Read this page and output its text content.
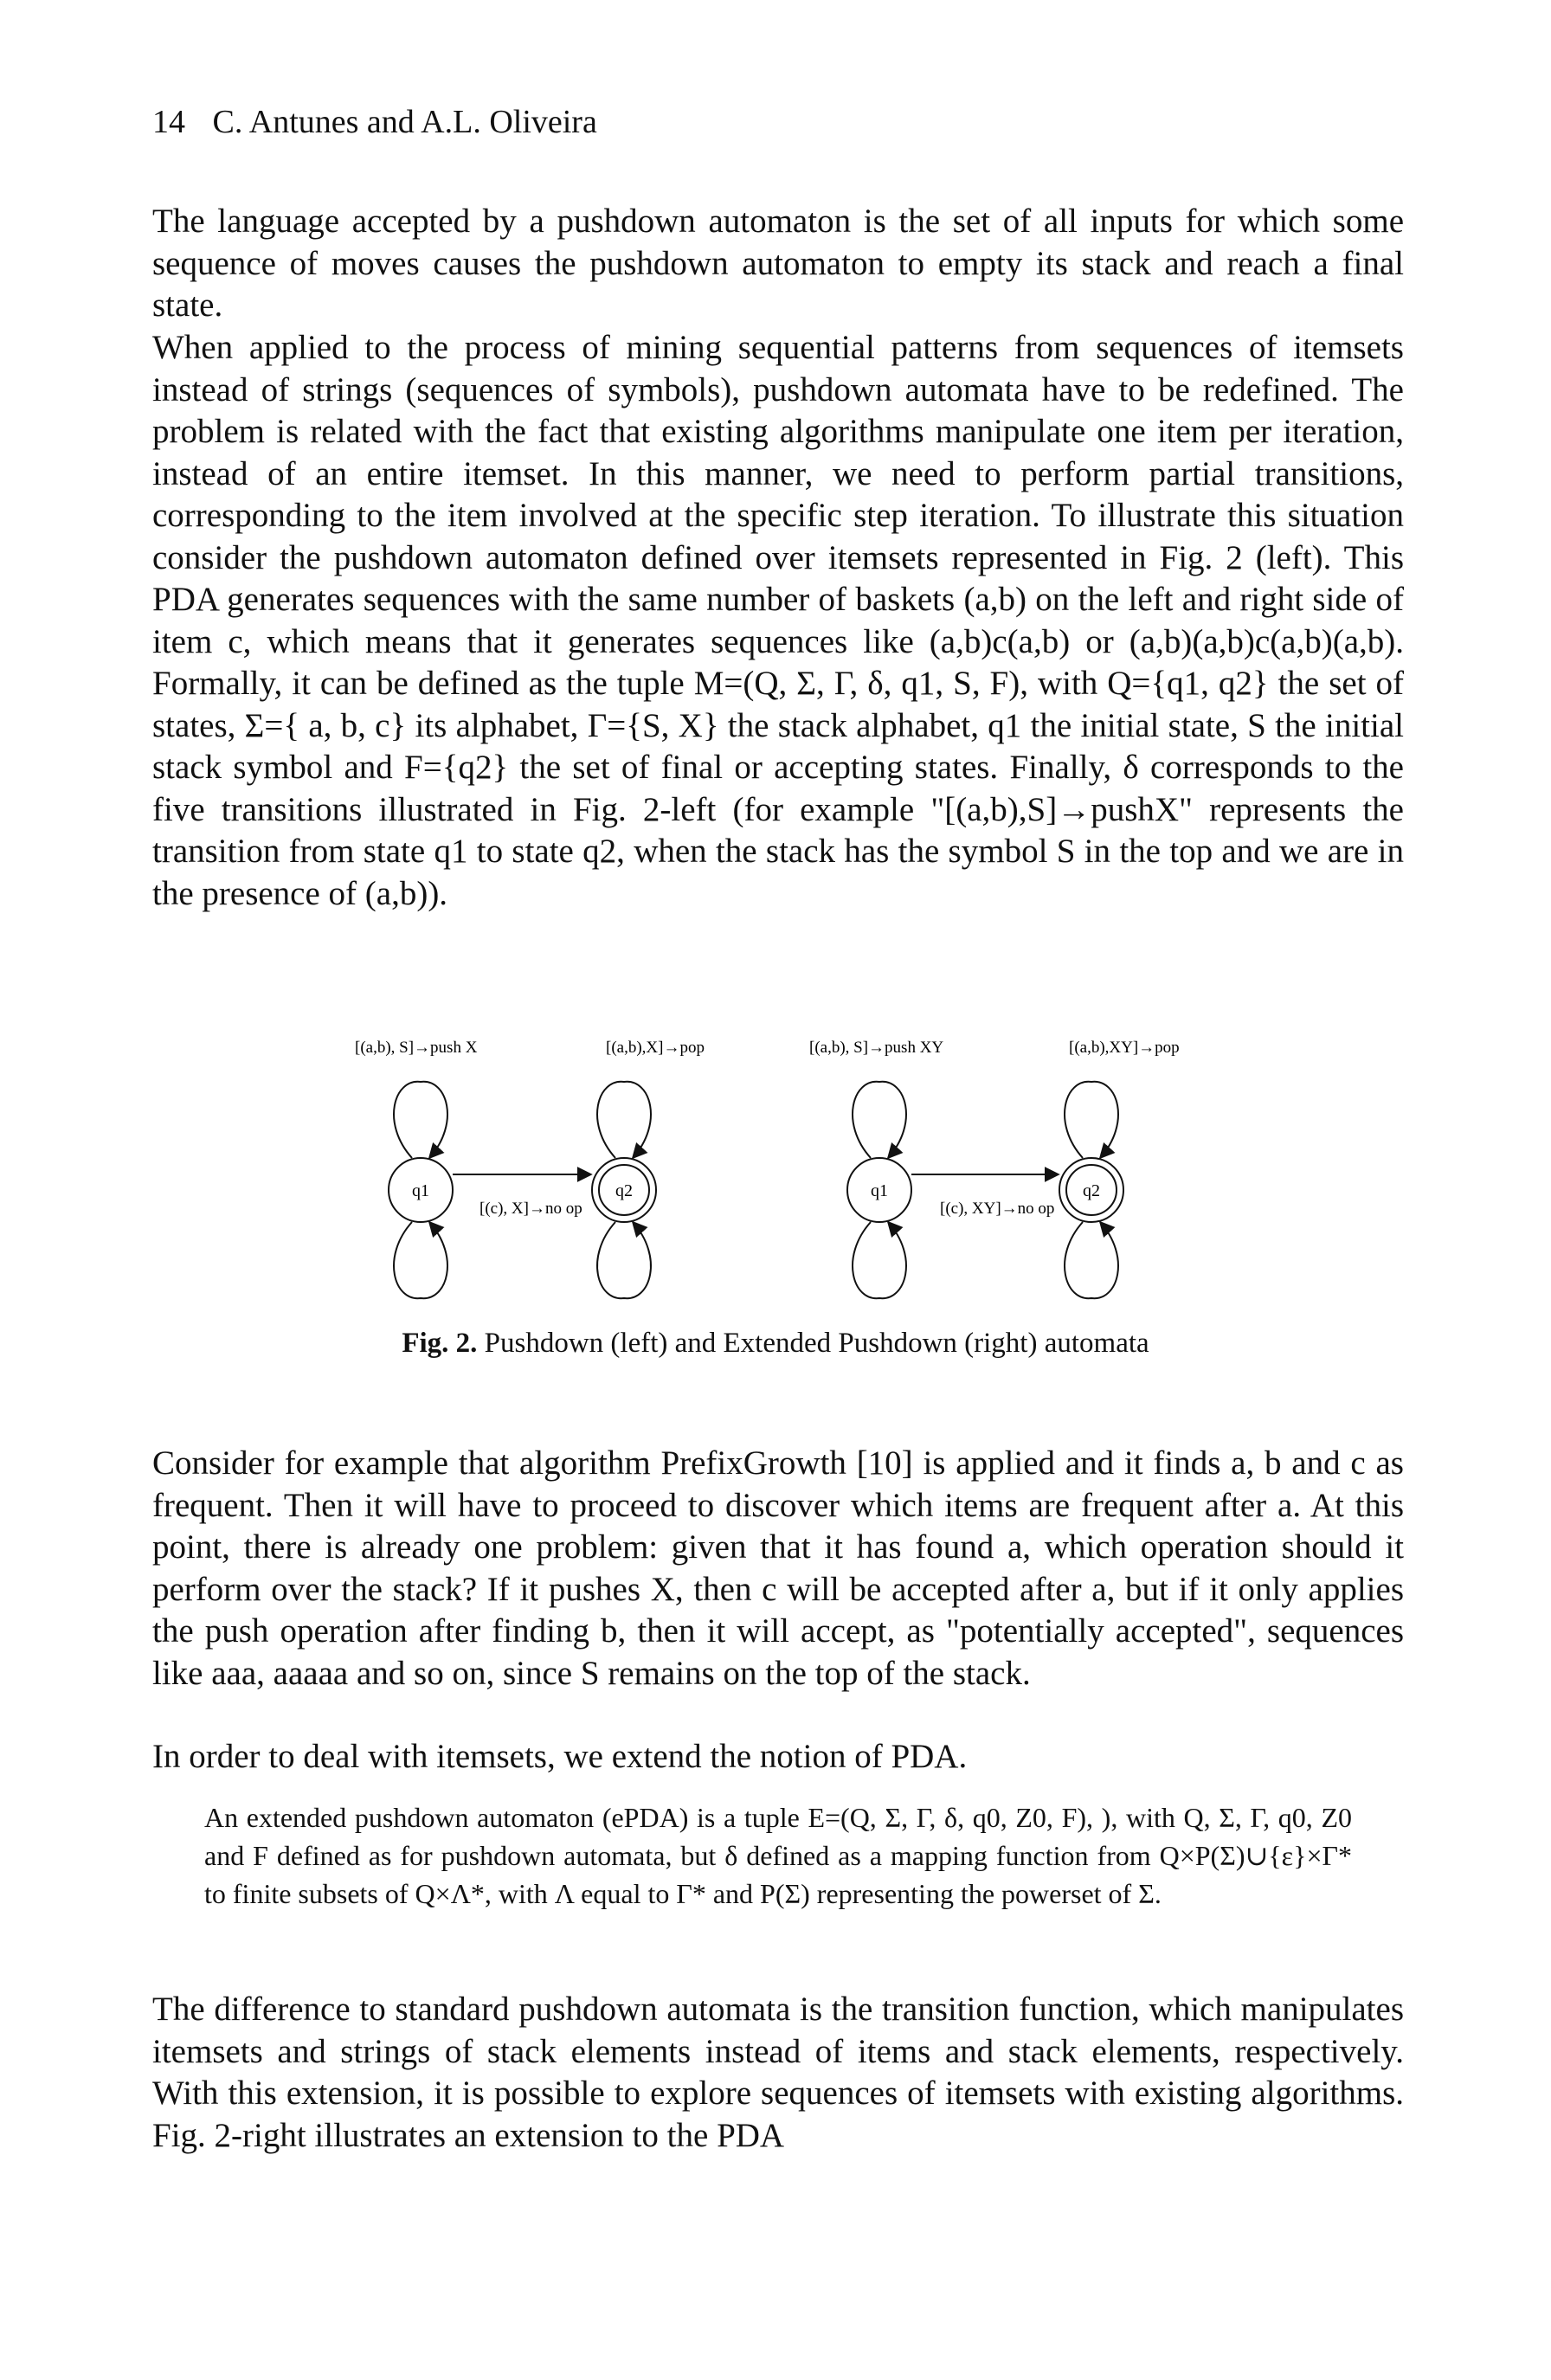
14 C. Antunes and A.L. Oliveira

The language accepted by a pushdown automaton is the set of all inputs for which some sequence of moves causes the pushdown automaton to empty its stack and reach a final state.

When applied to the process of mining sequential patterns from sequences of itemsets instead of strings (sequences of symbols), pushdown automata have to be redefined. The problem is related with the fact that existing algorithms manipulate one item per iteration, instead of an entire itemset. In this manner, we need to perform partial transitions, corresponding to the item involved at the specific step iteration. To illustrate this situation consider the pushdown automaton defined over itemsets represented in Fig. 2 (left). This PDA generates sequences with the same number of baskets (a,b) on the left and right side of item c, which means that it generates sequences like (a,b)c(a,b) or (a,b)(a,b)c(a,b)(a,b). Formally, it can be defined as the tuple M=(Q, Σ, Γ, δ, q1, S, F), with Q={q1, q2} the set of states, Σ={ a, b, c} its alphabet, Γ={S, X} the stack alphabet, q1 the initial state, S the initial stack symbol and F={q2} the set of final or accepting states. Finally, δ corresponds to the five transitions illustrated in Fig. 2-left (for example "[(a,b),S]→pushX" represents the transition from state q1 to state q2, when the stack has the symbol S in the top and we are in the presence of (a,b)).

[(a,b), S]→push X	[(a,b),X]→pop
q1	q2
[(c), X]→no op
[(a,b), S]→push XY	[(a,b),XY]→pop
q1	q2
[(c), XY]→no op
Fig. 2. Pushdown (left) and Extended Pushdown (right) automata

Consider for example that algorithm PrefixGrowth [10] is applied and it finds a, b and c as frequent. Then it will have to proceed to discover which items are frequent after a. At this point, there is already one problem: given that it has found a, which operation should it perform over the stack? If it pushes X, then c will be accepted after a, but if it only applies the push operation after finding b, then it will accept, as "potentially accepted", sequences like aaa, aaaaa and so on, since S remains on the top of the stack.

In order to deal with itemsets, we extend the notion of PDA.

An extended pushdown automaton (ePDA) is a tuple E=(Q, Σ, Γ, δ, q0, Z0, F), ), with Q, Σ, Γ, q0, Z0 and F defined as for pushdown automata, but δ defined as a mapping function from Q×P(Σ)∪{ε}×Γ* to finite subsets of Q×Λ*, with Λ equal to Γ* and P(Σ) representing the powerset of Σ.

The difference to standard pushdown automata is the transition function, which manipulates itemsets and strings of stack elements instead of items and stack elements, respectively. With this extension, it is possible to explore sequences of itemsets with existing algorithms. Fig. 2-right illustrates an extension to the PDA
